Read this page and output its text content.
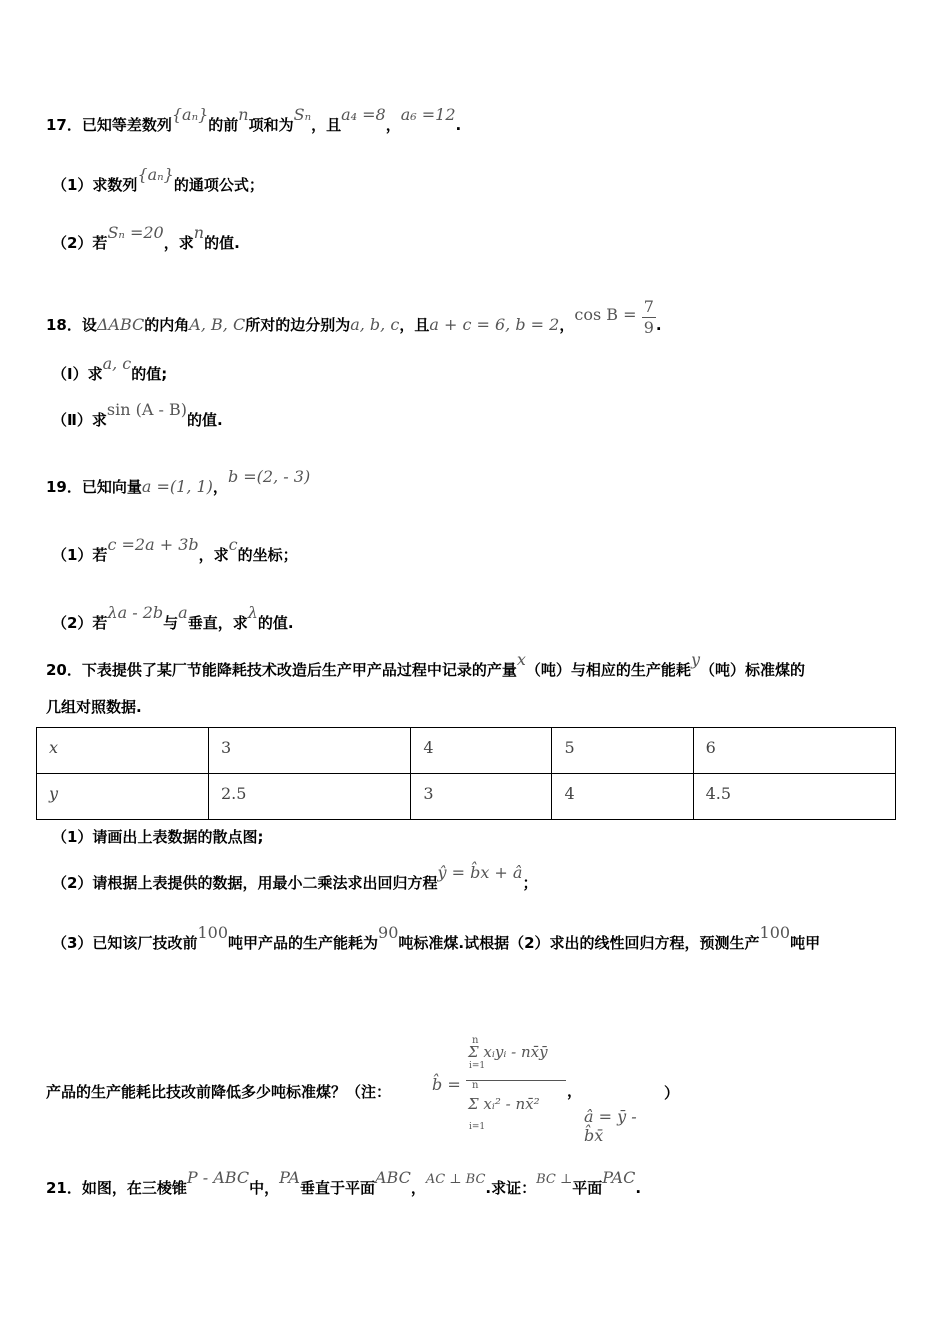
17．已知等差数列{aₙ}的前n项和为Sₙ，且a₄ =8，a₆ =12.
（1）求数列{aₙ}的通项公式；
（2）若Sₙ =20，求n的值.
18．设ΔABC的内角A, B, C所对的边分别为a, b, c，且a + c = 6, b = 2，$\cos B = \frac{7}{9}$ .
（Ⅰ）求a, c的值;
（Ⅱ）求sin (A - B)的值.
19．已知向量a =(1, 1)，b =(2, - 3)
（1）若c =2a + 3b，求c的坐标；
（2）若λa - 2b与a垂直，求λ的值.
20．下表提供了某厂节能降耗技术改造后生产甲产品过程中记录的产量x（吨）与相应的生产能耗y（吨）标准煤的
几组对照数据.
x	3	4	5	6
y	2.5	3	4	4.5
（1）请画出上表数据的散点图;
（2）请根据上表提供的数据，用最小二乘法求出回归方程ŷ = b̂x + â；
（3）已知该厂技改前100吨甲产品的生产能耗为90吨标准煤.试根据（2）求出的线性回归方程，预测生产100吨甲
产品的生产能耗比技改前降低多少吨标准煤？（注：	b̂ =
n
n
i=1
i=1
Σ xᵢyᵢ - nx̄ȳ
Σ xᵢ² - nx̄²
，
â = ȳ - b̂x̄
）
21．如图，在三棱锥P - ABC中，PA垂直于平面ABC，AC ⊥ BC.求证：BC ⊥平面PAC.
